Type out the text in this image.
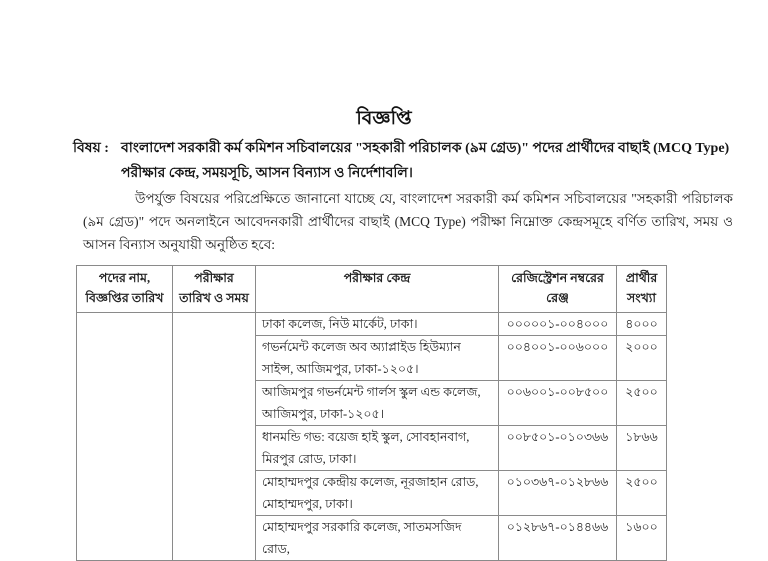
বিজ্ঞপ্তি
বিষয় : বাংলাদেশ সরকারী কর্ম কমিশন সচিবালয়ের "সহকারী পরিচালক (৯ম গ্রেড)" পদের প্রার্থীদের বাছাই (MCQ Type)
পরীক্ষার কেন্দ্র, সময়সূচি, আসন বিন্যাস ও নির্দেশাবলি।
উপর্যুক্ত বিষয়ের পরিপ্রেক্ষিতে জানানো যাচ্ছে যে, বাংলাদেশ সরকারী কর্ম কমিশন সচিবালয়ের "সহকারী পরিচালক (৯ম গ্রেড)" পদে অনলাইনে আবেদনকারী প্রার্থীদের বাছাই (MCQ Type) পরীক্ষা নিম্নোক্ত কেন্দ্রসমূহে বর্ণিত তারিখ, সময় ও আসন বিন্যাস অনুযায়ী অনুষ্ঠিত হবে:
পদের নাম, বিজ্ঞপ্তির তারিখ	পরীক্ষার তারিখ ও সময়	পরীক্ষার কেন্দ্র	রেজিস্ট্রেশন নম্বরের রেঞ্জ	প্রার্থীর সংখ্যা
		ঢাকা কলেজ, নিউ মার্কেট, ঢাকা।	০০০০০১-০০৪০০০	৪০০০
		গভর্নমেন্ট কলেজ অব অ্যাপ্লাইড হিউম্যান সাইন্স, আজিমপুর, ঢাকা-১২০৫।	০০৪০০১-০০৬০০০	২০০০
		আজিমপুর গভর্নমেন্ট গার্লস স্কুল এন্ড কলেজ, আজিমপুর, ঢাকা-১২০৫।	০০৬০০১-০০৮৫০০	২৫০০
		ধানমন্ডি গভ: বয়েজ হাই স্কুল, সোবহানবাগ, মিরপুর রোড, ঢাকা।	০০৮৫০১-০১০৩৬৬	১৮৬৬
		মোহাম্মদপুর কেন্দ্রীয় কলেজ, নূরজাহান রোড, মোহাম্মদপুর, ঢাকা।	০১০৩৬৭-০১২৮৬৬	২৫০০
		মোহাম্মদপুর সরকারি কলেজ, সাতমসজিদ রোড,	০১২৮৬৭-০১৪৪৬৬	১৬০০
